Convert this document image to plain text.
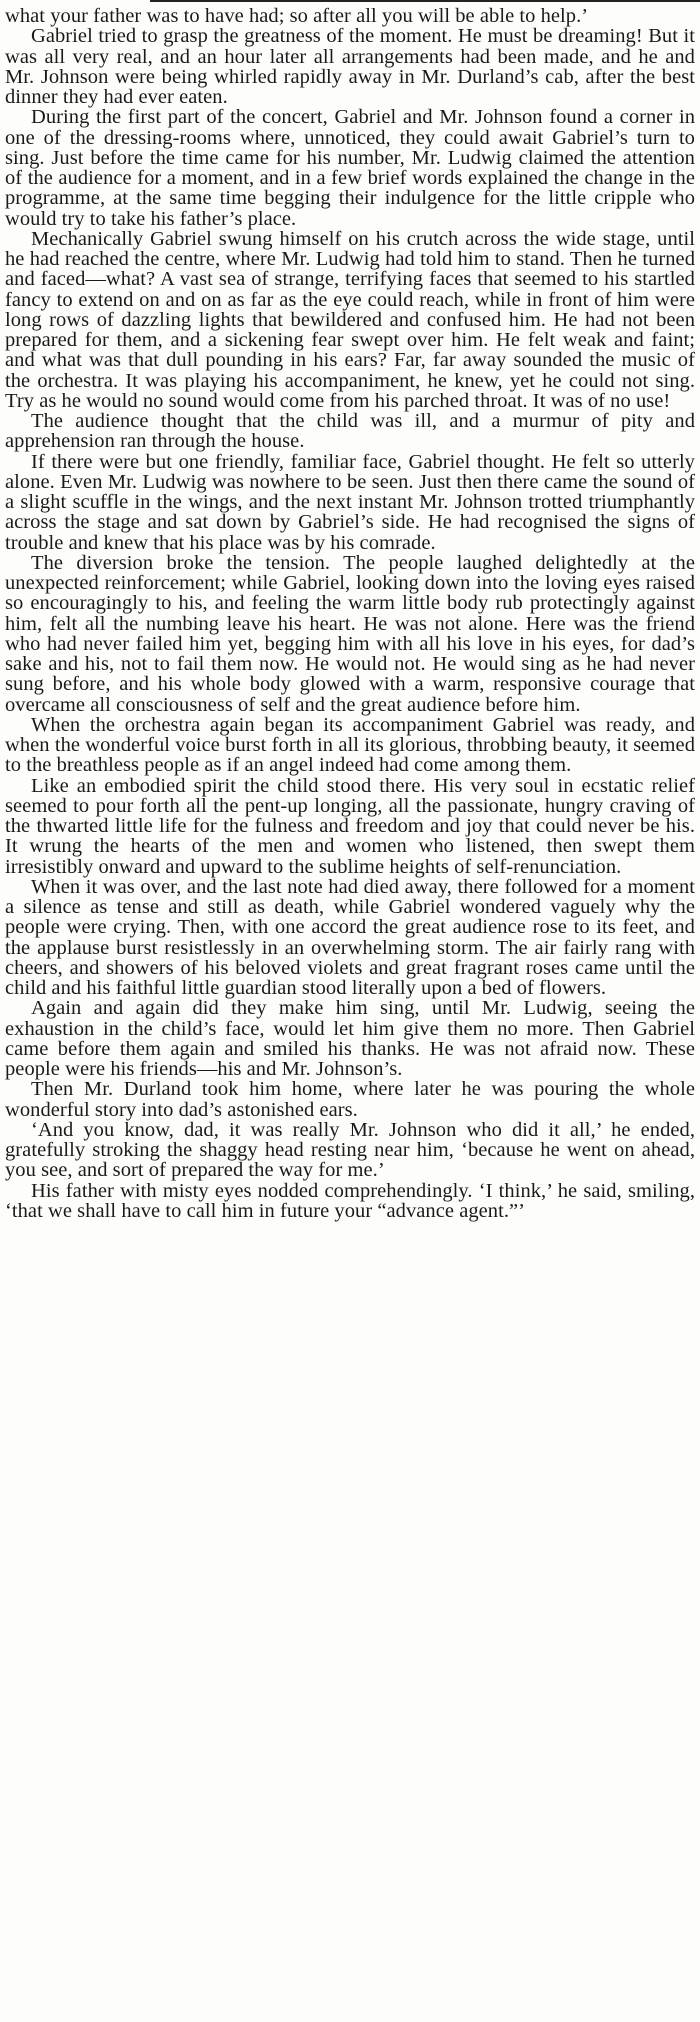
what your father was to have had; so after all you will be able to help.’

Gabriel tried to grasp the greatness of the moment. He must be dreaming! But it was all very real, and an hour later all arrangements had been made, and he and Mr. Johnson were being whirled rapidly away in Mr. Durland’s cab, after the best dinner they had ever eaten.

During the first part of the concert, Gabriel and Mr. Johnson found a corner in one of the dressing-rooms where, unnoticed, they could await Gabriel’s turn to sing. Just before the time came for his number, Mr. Ludwig claimed the attention of the audience for a moment, and in a few brief words explained the change in the programme, at the same time begging their indulgence for the little cripple who would try to take his father’s place.

Mechanically Gabriel swung himself on his crutch across the wide stage, until he had reached the centre, where Mr. Ludwig had told him to stand. Then he turned and faced—what? A vast sea of strange, terrifying faces that seemed to his startled fancy to extend on and on as far as the eye could reach, while in front of him were long rows of dazzling lights that bewildered and confused him. He had not been prepared for them, and a sickening fear swept over him. He felt weak and faint; and what was that dull pounding in his ears? Far, far away sounded the music of the orchestra. It was playing his accompaniment, he knew, yet he could not sing. Try as he would no sound would come from his parched throat. It was of no use!

The audience thought that the child was ill, and a murmur of pity and apprehension ran through the house.

If there were but one friendly, familiar face, Gabriel thought. He felt so utterly alone. Even Mr. Ludwig was nowhere to be seen. Just then there came the sound of a slight scuffle in the wings, and the next instant Mr. Johnson trotted triumphantly across the stage and sat down by Gabriel’s side. He had recognised the signs of trouble and knew that his place was by his comrade.

The diversion broke the tension. The people laughed delightedly at the unexpected reinforcement; while Gabriel, looking down into the loving eyes raised so encouragingly to his, and feeling the warm little body rub protectingly against him, felt all the numbing leave his heart. He was not alone. Here was the friend who had never failed him yet, begging him with all his love in his eyes, for dad’s sake and his, not to fail them now. He would not. He would sing as he had never sung before, and his whole body glowed with a warm, responsive courage that overcame all consciousness of self and the great audience before him.

When the orchestra again began its accompaniment Gabriel was ready, and when the wonderful voice burst forth in all its glorious, throbbing beauty, it seemed to the breathless people as if an angel indeed had come among them.

Like an embodied spirit the child stood there. His very soul in ecstatic relief seemed to pour forth all the pent-up longing, all the passionate, hungry craving of the thwarted little life for the fulness and freedom and joy that could never be his. It wrung the hearts of the men and women who listened, then swept them irresistibly onward and upward to the sublime heights of self-renunciation.

When it was over, and the last note had died away, there followed for a moment a silence as tense and still as death, while Gabriel wondered vaguely why the people were crying. Then, with one accord the great audience rose to its feet, and the applause burst resistlessly in an overwhelming storm. The air fairly rang with cheers, and showers of his beloved violets and great fragrant roses came until the child and his faithful little guardian stood literally upon a bed of flowers.

Again and again did they make him sing, until Mr. Ludwig, seeing the exhaustion in the child’s face, would let him give them no more. Then Gabriel came before them again and smiled his thanks. He was not afraid now. These people were his friends—his and Mr. Johnson’s.

Then Mr. Durland took him home, where later he was pouring the whole wonderful story into dad’s astonished ears.

‘And you know, dad, it was really Mr. Johnson who did it all,’ he ended, gratefully stroking the shaggy head resting near him, ‘because he went on ahead, you see, and sort of prepared the way for me.’

His father with misty eyes nodded comprehendingly. ‘I think,’ he said, smiling, ‘that we shall have to call him in future your “advance agent.”’
